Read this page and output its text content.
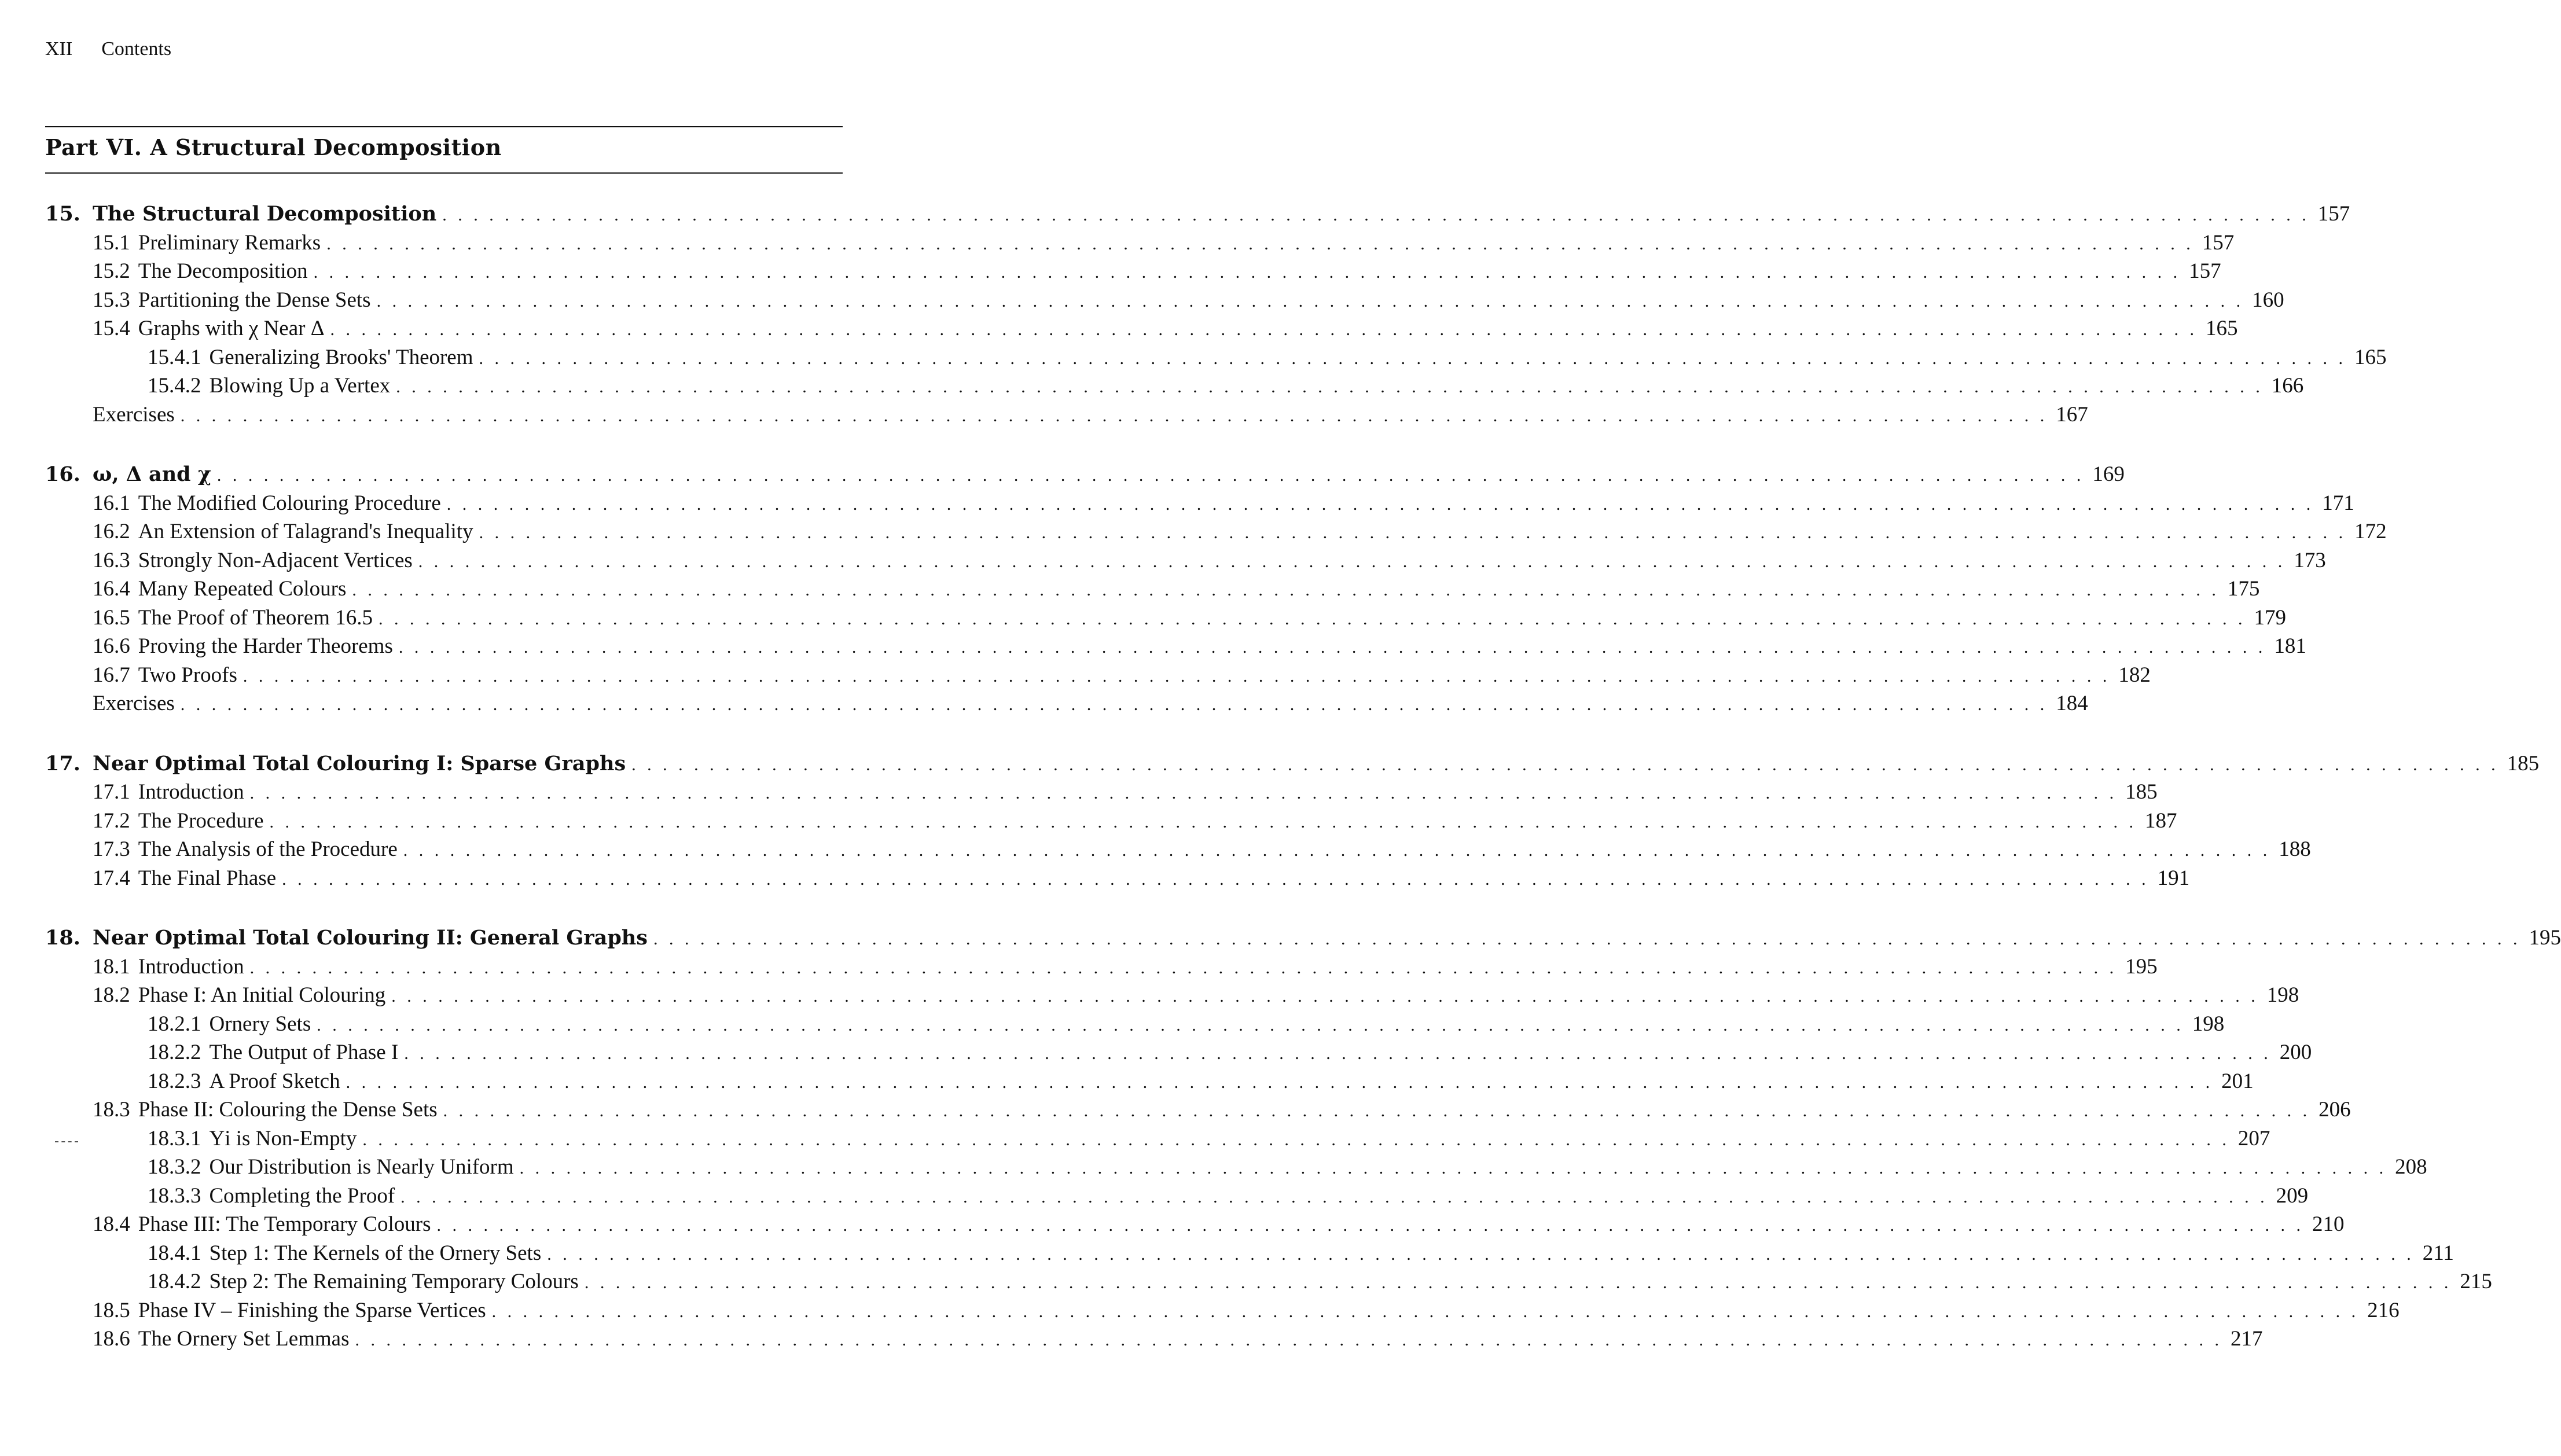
XII Contents
Part VI. A Structural Decomposition
15. The Structural Decomposition . . . . . . . . . . . . . . . . . . . . . . . . . . . . . . . . . . . . . . . . . . . . . . . . . . . . . . . . . . . . . . . . . . . . . . . . . . . . . . . . . . . . . . . . . . . . . . . . . . . . . . . . . . . . . . . . . . . . . . . . 157
15.1 Preliminary Remarks . . . . . . . . . . . . . . . . . . . . . . . . . . . . . . . . . . . . . . . . . . . . . . . . . . . . . . . . . . . . . . . . . . . . . . . . . . . . . . . . . . . . . . . . . . . . . . . . . . . . . . . . . . . . . . . . . . . . . . . . 157
15.2 The Decomposition . . . . . . . . . . . . . . . . . . . . . . . . . . . . . . . . . . . . . . . . . . . . . . . . . . . . . . . . . . . . . . . . . . . . . . . . . . . . . . . . . . . . . . . . . . . . . . . . . . . . . . . . . . . . . . . . . . . . . . . . 157
15.3 Partitioning the Dense Sets . . . . . . . . . . . . . . . . . . . . . . . . . . . . . . . . . . . . . . . . . . . . . . . . . . . . . . . . . . . . . . . . . . . . . . . . . . . . . . . . . . . . . . . . . . . . . . . . . . . . . . . . . . . . . . . . . . . . . . . . 160
15.4 Graphs with χ Near Δ . . . . . . . . . . . . . . . . . . . . . . . . . . . . . . . . . . . . . . . . . . . . . . . . . . . . . . . . . . . . . . . . . . . . . . . . . . . . . . . . . . . . . . . . . . . . . . . . . . . . . . . . . . . . . . . . . . . . . . . . 165
15.4.1 Generalizing Brooks' Theorem . . . . . . . . . . . . . . . . . . . . . . . . . . . . . . . . . . . . . . . . . . . . . . . . . . . . . . . . . . . . . . . . . . . . . . . . . . . . . . . . . . . . . . . . . . . . . . . . . . . . . . . . . . . . . . . . . . . . . . . . 165
15.4.2 Blowing Up a Vertex . . . . . . . . . . . . . . . . . . . . . . . . . . . . . . . . . . . . . . . . . . . . . . . . . . . . . . . . . . . . . . . . . . . . . . . . . . . . . . . . . . . . . . . . . . . . . . . . . . . . . . . . . . . . . . . . . . . . . . . . 166
Exercises . . . . . . . . . . . . . . . . . . . . . . . . . . . . . . . . . . . . . . . . . . . . . . . . . . . . . . . . . . . . . . . . . . . . . . . . . . . . . . . . . . . . . . . . . . . . . . . . . . . . . . . . . . . . . . . . . . . . . . . . 167
16. ω, Δ and χ . . . . . . . . . . . . . . . . . . . . . . . . . . . . . . . . . . . . . . . . . . . . . . . . . . . . . . . . . . . . . . . . . . . . . . . . . . . . . . . . . . . . . . . . . . . . . . . . . . . . . . . . . . . . . . . . . . . . . . . . 169
16.1 The Modified Colouring Procedure . . . . . . . . . . . . . . . . . . . . . . . . . . . . . . . . . . . . . . . . . . . . . . . . . . . . . . . . . . . . . . . . . . . . . . . . . . . . . . . . . . . . . . . . . . . . . . . . . . . . . . . . . . . . . . . . . . . . . . . . 171
16.2 An Extension of Talagrand's Inequality . . . . . . . . . . . . . . . . . . . . . . . . . . . . . . . . . . . . . . . . . . . . . . . . . . . . . . . . . . . . . . . . . . . . . . . . . . . . . . . . . . . . . . . . . . . . . . . . . . . . . . . . . . . . . . . . . . . . . . . . 172
16.3 Strongly Non-Adjacent Vertices . . . . . . . . . . . . . . . . . . . . . . . . . . . . . . . . . . . . . . . . . . . . . . . . . . . . . . . . . . . . . . . . . . . . . . . . . . . . . . . . . . . . . . . . . . . . . . . . . . . . . . . . . . . . . . . . . . . . . . . . 173
16.4 Many Repeated Colours . . . . . . . . . . . . . . . . . . . . . . . . . . . . . . . . . . . . . . . . . . . . . . . . . . . . . . . . . . . . . . . . . . . . . . . . . . . . . . . . . . . . . . . . . . . . . . . . . . . . . . . . . . . . . . . . . . . . . . . . 175
16.5 The Proof of Theorem 16.5 . . . . . . . . . . . . . . . . . . . . . . . . . . . . . . . . . . . . . . . . . . . . . . . . . . . . . . . . . . . . . . . . . . . . . . . . . . . . . . . . . . . . . . . . . . . . . . . . . . . . . . . . . . . . . . . . . . . . . . . . 179
16.6 Proving the Harder Theorems . . . . . . . . . . . . . . . . . . . . . . . . . . . . . . . . . . . . . . . . . . . . . . . . . . . . . . . . . . . . . . . . . . . . . . . . . . . . . . . . . . . . . . . . . . . . . . . . . . . . . . . . . . . . . . . . . . . . . . . . 181
16.7 Two Proofs . . . . . . . . . . . . . . . . . . . . . . . . . . . . . . . . . . . . . . . . . . . . . . . . . . . . . . . . . . . . . . . . . . . . . . . . . . . . . . . . . . . . . . . . . . . . . . . . . . . . . . . . . . . . . . . . . . . . . . . . 182
Exercises . . . . . . . . . . . . . . . . . . . . . . . . . . . . . . . . . . . . . . . . . . . . . . . . . . . . . . . . . . . . . . . . . . . . . . . . . . . . . . . . . . . . . . . . . . . . . . . . . . . . . . . . . . . . . . . . . . . . . . . . 184
17. Near Optimal Total Colouring I: Sparse Graphs . . . . . . . . . . . . . . . . . . . . . . . . . . . . . . . . . . . . . . . . . . . . . . . . . . . . . . . . . . . . . . . . . . . . . . . . . . . . . . . . . . . . . . . . . . . . . . . . . . . . . . . . . . . . . . . . . . . . . . . . 185
17.1 Introduction . . . . . . . . . . . . . . . . . . . . . . . . . . . . . . . . . . . . . . . . . . . . . . . . . . . . . . . . . . . . . . . . . . . . . . . . . . . . . . . . . . . . . . . . . . . . . . . . . . . . . . . . . . . . . . . . . . . . . . . . 185
17.2 The Procedure . . . . . . . . . . . . . . . . . . . . . . . . . . . . . . . . . . . . . . . . . . . . . . . . . . . . . . . . . . . . . . . . . . . . . . . . . . . . . . . . . . . . . . . . . . . . . . . . . . . . . . . . . . . . . . . . . . . . . . . . 187
17.3 The Analysis of the Procedure . . . . . . . . . . . . . . . . . . . . . . . . . . . . . . . . . . . . . . . . . . . . . . . . . . . . . . . . . . . . . . . . . . . . . . . . . . . . . . . . . . . . . . . . . . . . . . . . . . . . . . . . . . . . . . . . . . . . . . . . 188
17.4 The Final Phase . . . . . . . . . . . . . . . . . . . . . . . . . . . . . . . . . . . . . . . . . . . . . . . . . . . . . . . . . . . . . . . . . . . . . . . . . . . . . . . . . . . . . . . . . . . . . . . . . . . . . . . . . . . . . . . . . . . . . . . . 191
18. Near Optimal Total Colouring II: General Graphs . . . . . . . . . . . . . . . . . . . . . . . . . . . . . . . . . . . . . . . . . . . . . . . . . . . . . . . . . . . . . . . . . . . . . . . . . . . . . . . . . . . . . . . . . . . . . . . . . . . . . . . . . . . . . . . . . . . . . . . . 195
18.1 Introduction . . . . . . . . . . . . . . . . . . . . . . . . . . . . . . . . . . . . . . . . . . . . . . . . . . . . . . . . . . . . . . . . . . . . . . . . . . . . . . . . . . . . . . . . . . . . . . . . . . . . . . . . . . . . . . . . . . . . . . . . 195
18.2 Phase I: An Initial Colouring . . . . . . . . . . . . . . . . . . . . . . . . . . . . . . . . . . . . . . . . . . . . . . . . . . . . . . . . . . . . . . . . . . . . . . . . . . . . . . . . . . . . . . . . . . . . . . . . . . . . . . . . . . . . . . . . . . . . . . . . 198
18.2.1 Ornery Sets . . . . . . . . . . . . . . . . . . . . . . . . . . . . . . . . . . . . . . . . . . . . . . . . . . . . . . . . . . . . . . . . . . . . . . . . . . . . . . . . . . . . . . . . . . . . . . . . . . . . . . . . . . . . . . . . . . . . . . . . 198
18.2.2 The Output of Phase I . . . . . . . . . . . . . . . . . . . . . . . . . . . . . . . . . . . . . . . . . . . . . . . . . . . . . . . . . . . . . . . . . . . . . . . . . . . . . . . . . . . . . . . . . . . . . . . . . . . . . . . . . . . . . . . . . . . . . . . . 200
18.2.3 A Proof Sketch . . . . . . . . . . . . . . . . . . . . . . . . . . . . . . . . . . . . . . . . . . . . . . . . . . . . . . . . . . . . . . . . . . . . . . . . . . . . . . . . . . . . . . . . . . . . . . . . . . . . . . . . . . . . . . . . . . . . . . . . 201
18.3 Phase II: Colouring the Dense Sets . . . . . . . . . . . . . . . . . . . . . . . . . . . . . . . . . . . . . . . . . . . . . . . . . . . . . . . . . . . . . . . . . . . . . . . . . . . . . . . . . . . . . . . . . . . . . . . . . . . . . . . . . . . . . . . . . . . . . . . . 206
18.3.1 Υi is Non-Empty . . . . . . . . . . . . . . . . . . . . . . . . . . . . . . . . . . . . . . . . . . . . . . . . . . . . . . . . . . . . . . . . . . . . . . . . . . . . . . . . . . . . . . . . . . . . . . . . . . . . . . . . . . . . . . . . . . . . . . . . 207
18.3.2 Our Distribution is Nearly Uniform . . . . . . . . . . . . . . . . . . . . . . . . . . . . . . . . . . . . . . . . . . . . . . . . . . . . . . . . . . . . . . . . . . . . . . . . . . . . . . . . . . . . . . . . . . . . . . . . . . . . . . . . . . . . . . . . . . . . . . . . 208
18.3.3 Completing the Proof . . . . . . . . . . . . . . . . . . . . . . . . . . . . . . . . . . . . . . . . . . . . . . . . . . . . . . . . . . . . . . . . . . . . . . . . . . . . . . . . . . . . . . . . . . . . . . . . . . . . . . . . . . . . . . . . . . . . . . . . 209
18.4 Phase III: The Temporary Colours . . . . . . . . . . . . . . . . . . . . . . . . . . . . . . . . . . . . . . . . . . . . . . . . . . . . . . . . . . . . . . . . . . . . . . . . . . . . . . . . . . . . . . . . . . . . . . . . . . . . . . . . . . . . . . . . . . . . . . . . 210
18.4.1 Step 1: The Kernels of the Ornery Sets . . . . . . . . . . . . . . . . . . . . . . . . . . . . . . . . . . . . . . . . . . . . . . . . . . . . . . . . . . . . . . . . . . . . . . . . . . . . . . . . . . . . . . . . . . . . . . . . . . . . . . . . . . . . . . . . . . . . . . . . 211
18.4.2 Step 2: The Remaining Temporary Colours . . . . . . . . . . . . . . . . . . . . . . . . . . . . . . . . . . . . . . . . . . . . . . . . . . . . . . . . . . . . . . . . . . . . . . . . . . . . . . . . . . . . . . . . . . . . . . . . . . . . . . . . . . . . . . . . . . . . . . . . 215
18.5 Phase IV – Finishing the Sparse Vertices . . . . . . . . . . . . . . . . . . . . . . . . . . . . . . . . . . . . . . . . . . . . . . . . . . . . . . . . . . . . . . . . . . . . . . . . . . . . . . . . . . . . . . . . . . . . . . . . . . . . . . . . . . . . . . . . . . . . . . . . 216
18.6 The Ornery Set Lemmas . . . . . . . . . . . . . . . . . . . . . . . . . . . . . . . . . . . . . . . . . . . . . . . . . . . . . . . . . . . . . . . . . . . . . . . . . . . . . . . . . . . . . . . . . . . . . . . . . . . . . . . . . . . . . . . . . . . . . . . . 217
